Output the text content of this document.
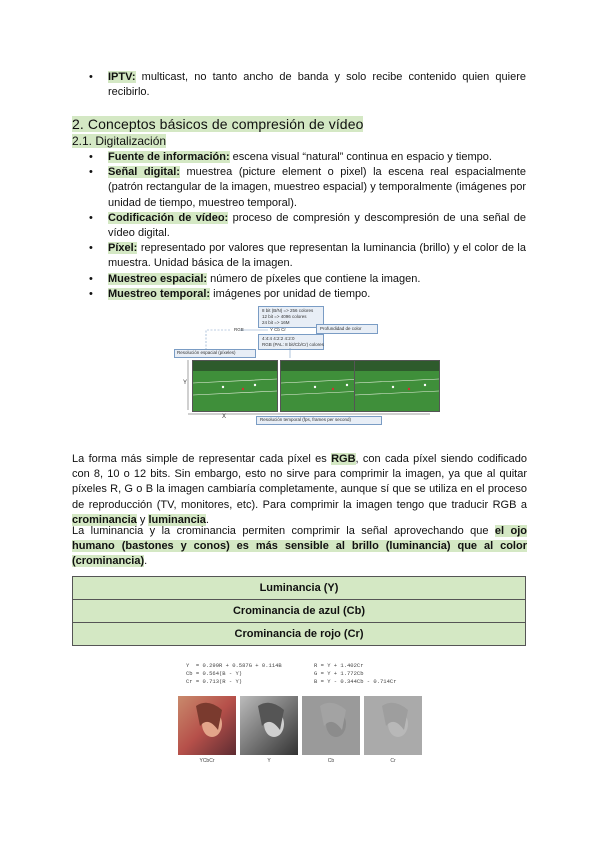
• IPTV: multicast, no tanto ancho de banda y solo recibe contenido quien quiere recibirlo.
2. Conceptos básicos de compresión de vídeo
2.1. Digitalización
• Fuente de información: escena visual “natural” continua en espacio y tiempo.
• Señal digital: muestrea (picture element o pixel) la escena real espacialmente (patrón rectangular de la imagen, muestreo espacial) y temporalmente (imágenes por unidad de tiempo, muestreo temporal).
• Codificación de vídeo: proceso de compresión y descompresión de una señal de vídeo digital.
• Píxel: representado por valores que representan la luminancia (brillo) y el color de la muestra. Unidad básica de la imagen.
• Muestreo espacial: número de píxeles que contiene la imagen.
• Muestreo temporal: imágenes por unidad de tiempo.
8 bit (B/N) => 256 colores
12 bit => 4096 colores
24 bit => 16M
RGB	Y Cb Cr	Profundidad de color
4:4:4 4:2:2 4:2:0
RGB (PAL: 8 bit/Cb/Cr) colores
Resolución espacial (píxeles)
Y
X	Resolución temporal (fps, frames per second)
La forma más simple de representar cada píxel es RGB, con cada píxel siendo codificado con 8, 10 o 12 bits. Sin embargo, esto no sirve para comprimir la imagen, ya que al quitar píxeles R, G o B la imagen cambiaría completamente, aunque sí que se utiliza en el proceso de reproducción (TV, monitores, etc). Para comprimir la imagen tengo que traducir RGB a crominancia y luminancia.
La luminancia y la crominancia permiten comprimir la señal aprovechando que el ojo humano (bastones y conos) es más sensible al brillo (luminancia) que al color (crominancia).
Luminancia (Y)
Crominancia de azul (Cb)
Crominancia de rojo (Cr)

Y  = 0.299R + 0.587G + 0.114B
Cb = 0.564(B - Y)
Cr = 0.713(R - Y)

R = Y + 1.402Cr
G = Y + 1.772Cb
B = Y - 0.344Cb - 0.714Cr

YCbCr	Y	Cb	Cr
